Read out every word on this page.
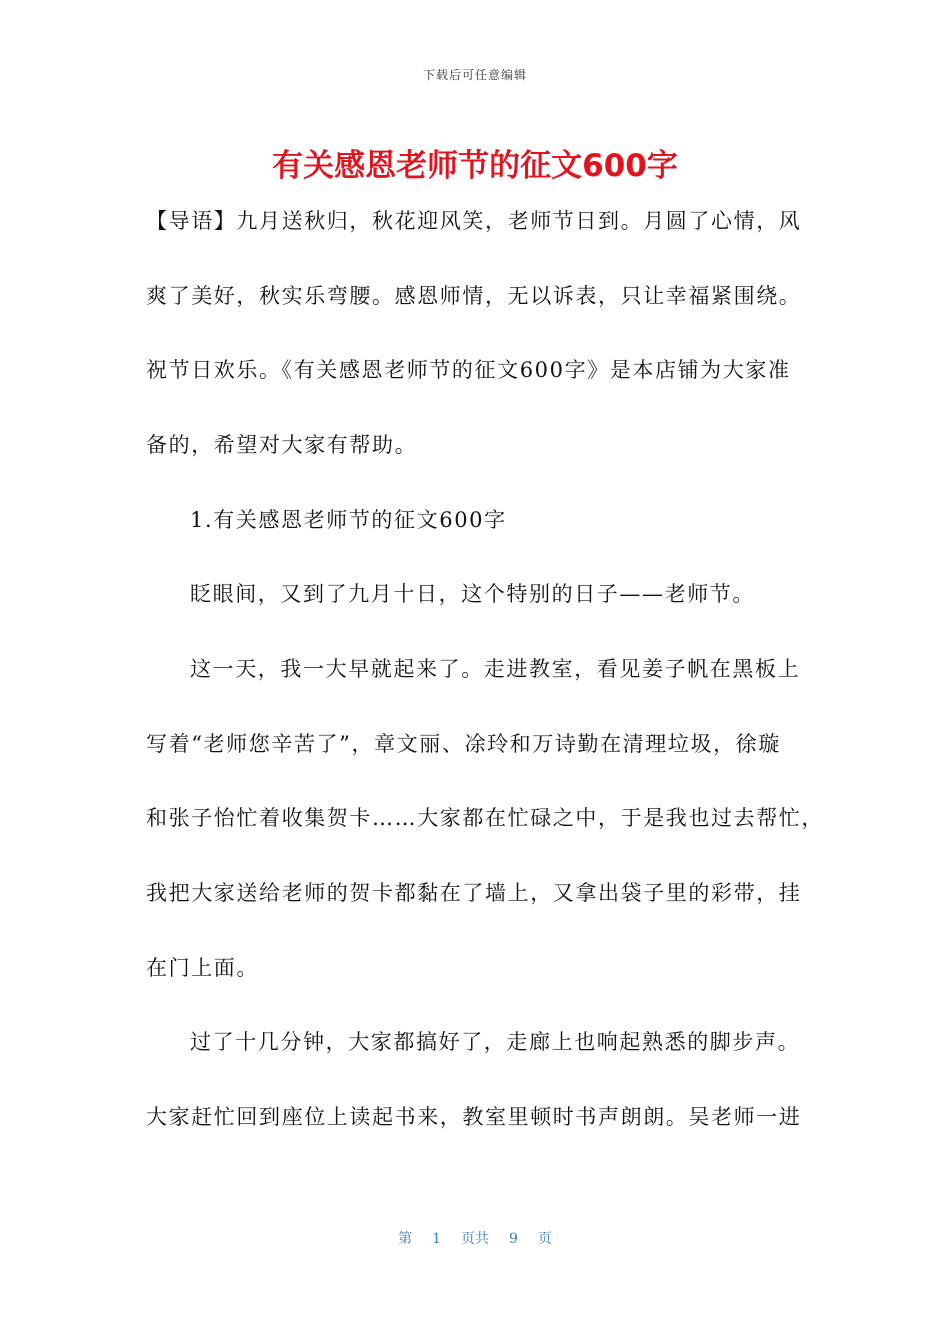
下载后可任意编辑
有关感恩老师节的征文600字
【导语】九月送秋归，秋花迎风笑，老师节日到。月圆了心情，风
爽了美好，秋实乐弯腰。感恩师情，无以诉表，只让幸福紧围绕。
祝节日欢乐。《有关感恩老师节的征文600字》是本店铺为大家准
备的，希望对大家有帮助。
1.有关感恩老师节的征文600字
眨眼间，又到了九月十日，这个特别的日子——老师节。
这一天，我一大早就起来了。走进教室，看见姜子帆在黑板上
写着“老师您辛苦了”，章文丽、凃玲和万诗勤在清理垃圾，徐璇
和张子怡忙着收集贺卡……大家都在忙碌之中，于是我也过去帮忙，
我把大家送给老师的贺卡都黏在了墙上，又拿出袋子里的彩带，挂
在门上面。
过了十几分钟，大家都搞好了，走廊上也响起熟悉的脚步声。
大家赶忙回到座位上读起书来，教室里顿时书声朗朗。吴老师一进
第 1 页共 9 页
